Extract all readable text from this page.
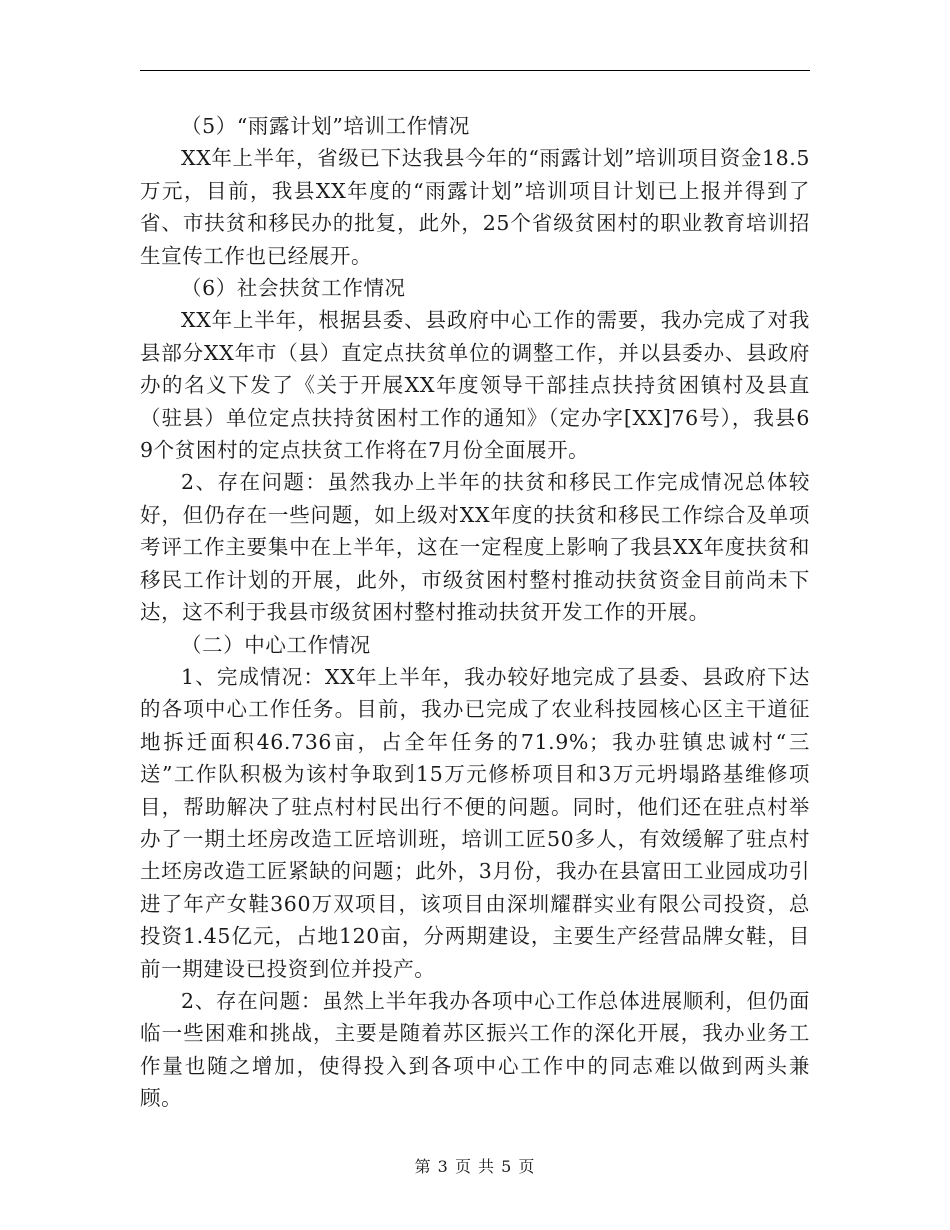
（5）“雨露计划”培训工作情况

XX年上半年，省级已下达我县今年的“雨露计划”培训项目资金18.5万元，目前，我县XX年度的“雨露计划”培训项目计划已上报并得到了省、市扶贫和移民办的批复，此外，25个省级贫困村的职业教育培训招生宣传工作也已经展开。

（6）社会扶贫工作情况

XX年上半年，根据县委、县政府中心工作的需要，我办完成了对我县部分XX年市（县）直定点扶贫单位的调整工作，并以县委办、县政府办的名义下发了《关于开展XX年度领导干部挂点扶持贫困镇村及县直（驻县）单位定点扶持贫困村工作的通知》（定办字[XX]76号），我县69个贫困村的定点扶贫工作将在7月份全面展开。

2、存在问题：虽然我办上半年的扶贫和移民工作完成情况总体较好，但仍存在一些问题，如上级对XX年度的扶贫和移民工作综合及单项考评工作主要集中在上半年，这在一定程度上影响了我县XX年度扶贫和移民工作计划的开展，此外，市级贫困村整村推动扶贫资金目前尚未下达，这不利于我县市级贫困村整村推动扶贫开发工作的开展。

（二）中心工作情况

1、完成情况：XX年上半年，我办较好地完成了县委、县政府下达的各项中心工作任务。目前，我办已完成了农业科技园核心区主干道征地拆迁面积46.736亩，占全年任务的71.9%；我办驻镇忠诚村“三送”工作队积极为该村争取到15万元修桥项目和3万元坍塌路基维修项目，帮助解决了驻点村村民出行不便的问题。同时，他们还在驻点村举办了一期土坯房改造工匠培训班，培训工匠50多人，有效缓解了驻点村土坯房改造工匠紧缺的问题；此外，3月份，我办在县富田工业园成功引进了年产女鞋360万双项目，该项目由深圳耀群实业有限公司投资，总投资1.45亿元，占地120亩，分两期建设，主要生产经营品牌女鞋，目前一期建设已投资到位并投产。

2、存在问题：虽然上半年我办各项中心工作总体进展顺利，但仍面临一些困难和挑战，主要是随着苏区振兴工作的深化开展，我办业务工作量也随之增加，使得投入到各项中心工作中的同志难以做到两头兼顾。

第 3 页 共 5 页
